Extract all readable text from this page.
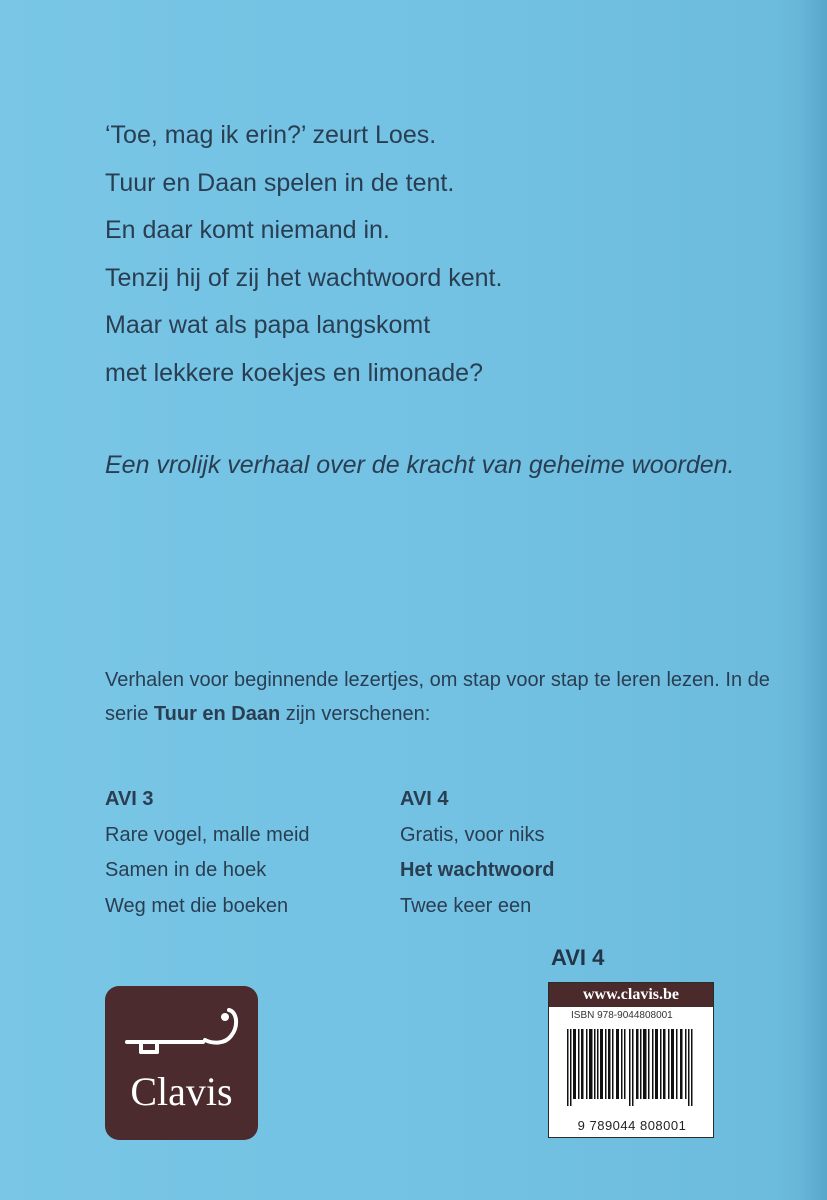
‘Toe, mag ik erin?’ zeurt Loes.
Tuur en Daan spelen in de tent.
En daar komt niemand in.
Tenzij hij of zij het wachtwoord kent.
Maar wat als papa langskomt
met lekkere koekjes en limonade?
Een vrolijk verhaal over de kracht van geheime woorden.
Verhalen voor beginnende lezertjes, om stap voor stap te leren lezen. In de serie Tuur en Daan zijn verschenen:
AVI 3
Rare vogel, malle meid
Samen in de hoek
Weg met die boeken
AVI 4
Gratis, voor niks
Het wachtwoord
Twee keer een
AVI 4
www.clavis.be
ISBN 978-9044808001
9 789044 808001
Clavis
